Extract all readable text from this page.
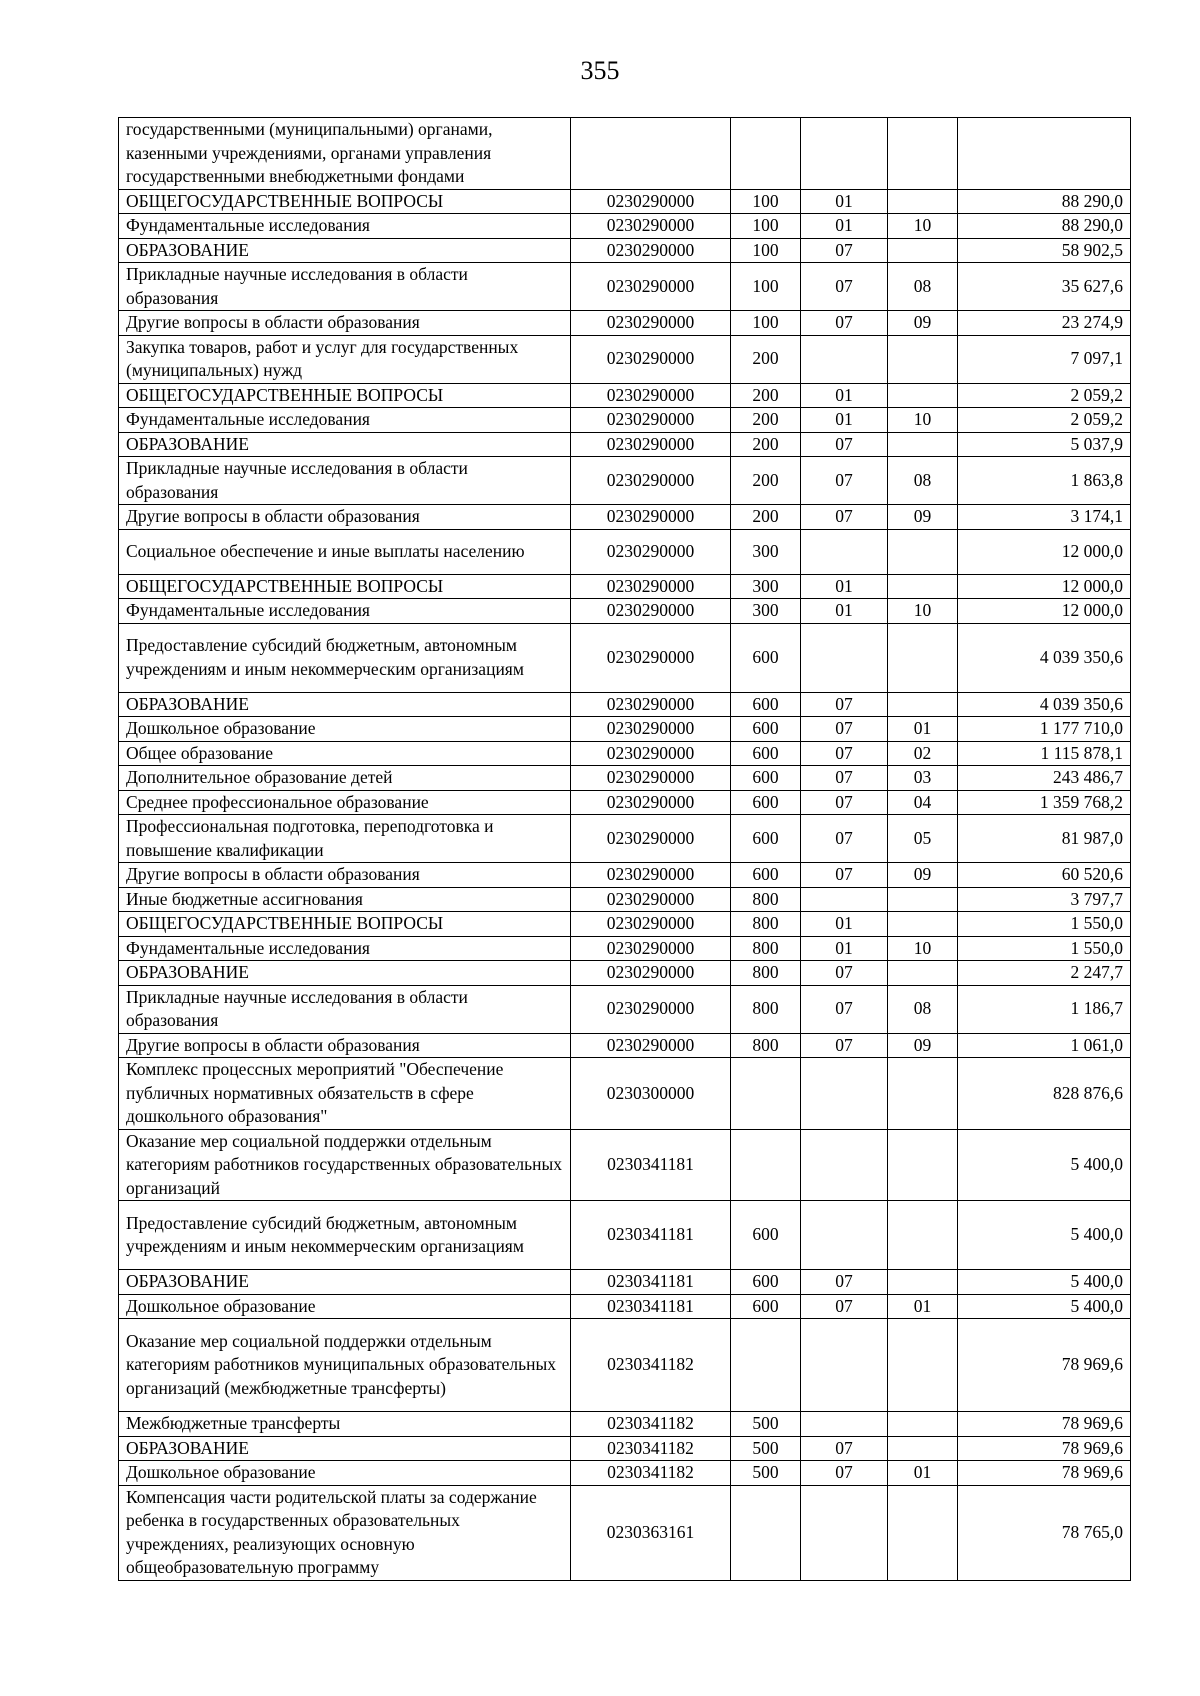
355
государственными (муниципальными) органами, казенными учреждениями, органами управления государственными внебюджетными фондами					
ОБЩЕГОСУДАРСТВЕННЫЕ ВОПРОСЫ	0230290000	100	01		88 290,0
Фундаментальные исследования	0230290000	100	01	10	88 290,0
ОБРАЗОВАНИЕ	0230290000	100	07		58 902,5
Прикладные научные исследования в области образования	0230290000	100	07	08	35 627,6
Другие вопросы в области образования	0230290000	100	07	09	23 274,9
Закупка товаров, работ и услуг для государственных (муниципальных) нужд	0230290000	200			7 097,1
ОБЩЕГОСУДАРСТВЕННЫЕ ВОПРОСЫ	0230290000	200	01		2 059,2
Фундаментальные исследования	0230290000	200	01	10	2 059,2
ОБРАЗОВАНИЕ	0230290000	200	07		5 037,9
Прикладные научные исследования в области образования	0230290000	200	07	08	1 863,8
Другие вопросы в области образования	0230290000	200	07	09	3 174,1
Социальное обеспечение и иные выплаты населению	0230290000	300			12 000,0
ОБЩЕГОСУДАРСТВЕННЫЕ ВОПРОСЫ	0230290000	300	01		12 000,0
Фундаментальные исследования	0230290000	300	01	10	12 000,0
Предоставление субсидий бюджетным, автономным учреждениям и иным некоммерческим организациям	0230290000	600			4 039 350,6
ОБРАЗОВАНИЕ	0230290000	600	07		4 039 350,6
Дошкольное образование	0230290000	600	07	01	1 177 710,0
Общее образование	0230290000	600	07	02	1 115 878,1
Дополнительное образование детей	0230290000	600	07	03	243 486,7
Среднее профессиональное образование	0230290000	600	07	04	1 359 768,2
Профессиональная подготовка, переподготовка и повышение квалификации	0230290000	600	07	05	81 987,0
Другие вопросы в области образования	0230290000	600	07	09	60 520,6
Иные бюджетные ассигнования	0230290000	800			3 797,7
ОБЩЕГОСУДАРСТВЕННЫЕ ВОПРОСЫ	0230290000	800	01		1 550,0
Фундаментальные исследования	0230290000	800	01	10	1 550,0
ОБРАЗОВАНИЕ	0230290000	800	07		2 247,7
Прикладные научные исследования в области образования	0230290000	800	07	08	1 186,7
Другие вопросы в области образования	0230290000	800	07	09	1 061,0
Комплекс процессных мероприятий "Обеспечение публичных нормативных обязательств в сфере дошкольного образования"	0230300000				828 876,6
Оказание мер социальной поддержки отдельным категориям работников государственных образовательных организаций	0230341181				5 400,0
Предоставление субсидий бюджетным, автономным учреждениям и иным некоммерческим организациям	0230341181	600			5 400,0
ОБРАЗОВАНИЕ	0230341181	600	07		5 400,0
Дошкольное образование	0230341181	600	07	01	5 400,0
Оказание мер социальной поддержки отдельным категориям работников муниципальных образовательных организаций (межбюджетные трансферты)	0230341182				78 969,6
Межбюджетные трансферты	0230341182	500			78 969,6
ОБРАЗОВАНИЕ	0230341182	500	07		78 969,6
Дошкольное образование	0230341182	500	07	01	78 969,6
Компенсация части родительской платы за содержание ребенка в государственных образовательных учреждениях, реализующих основную общеобразовательную программу	0230363161				78 765,0
